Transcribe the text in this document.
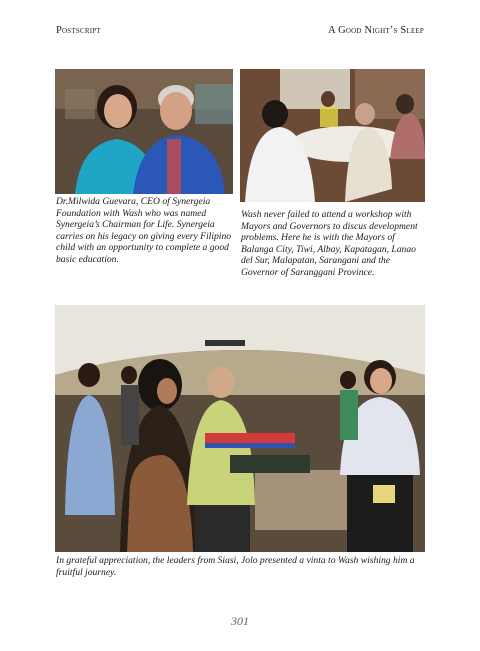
Postscript	A Good Night’s Sleep
Dr.Milwida Guevara, CEO of Synergeia Foundation with Wash who was named Synergeia’s Chairman for Life. Synergeia carries on his legacy on giving every Filipino child with an opportunity to complete a good basic education.
Wash never failed to attend a workshop with Mayors and Governors to discus development problems. Here he is with the Mayors of Balanga City, Tiwi, Albay, Kapatagan, Lanao del Sur, Malapatan, Sarangani and the Governor of Saranggani Province.
In grateful appreciation, the leaders from Siasi, Jolo presented a vinta to Wash wishing him a fruitful journey.
301
